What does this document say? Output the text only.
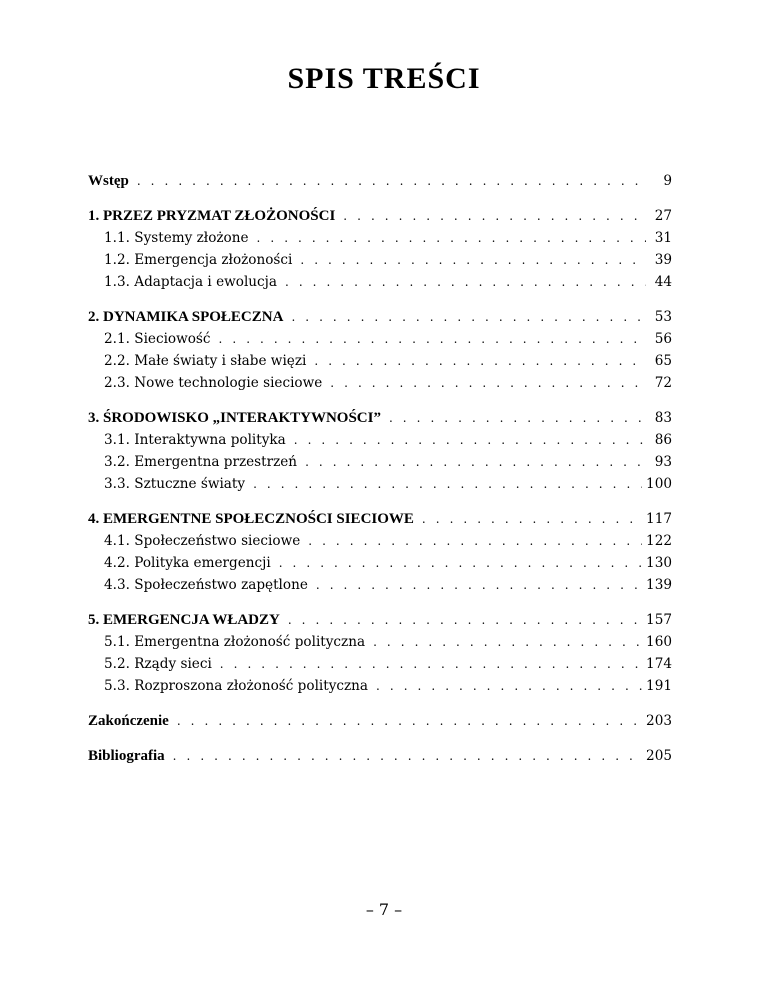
SPIS TREŚCI
Wstęp . . .	9
1. PRZEZ PRYZMAT ZŁOŻONOŚCI . . .	27
1.1. Systemy złożone . . .	31
1.2. Emergencja złożoności . . .	39
1.3. Adaptacja i ewolucja . . .	44
2. DYNAMIKA SPOŁECZNA . . .	53
2.1. Sieciowość . . .	56
2.2. Małe światy i słabe więzi . . .	65
2.3. Nowe technologie sieciowe . . .	72
3. ŚRODOWISKO „INTERAKTYWNOŚCI” . . .	83
3.1. Interaktywna polityka . . .	86
3.2. Emergentna przestrzeń . . .	93
3.3. Sztuczne światy . . .	100
4. EMERGENTNE SPOŁECZNOŚCI SIECIOWE . . .	117
4.1. Społeczeństwo sieciowe . . .	122
4.2. Polityka emergencji . . .	130
4.3. Społeczeństwo zapętlone . . .	139
5. EMERGENCJA WŁADZY . . .	157
5.1. Emergentna złożoność polityczna . . .	160
5.2. Rządy sieci . . .	174
5.3. Rozproszona złożoność polityczna . . .	191
Zakończenie . . .	203
Bibliografia . . .	205
– 7 –
